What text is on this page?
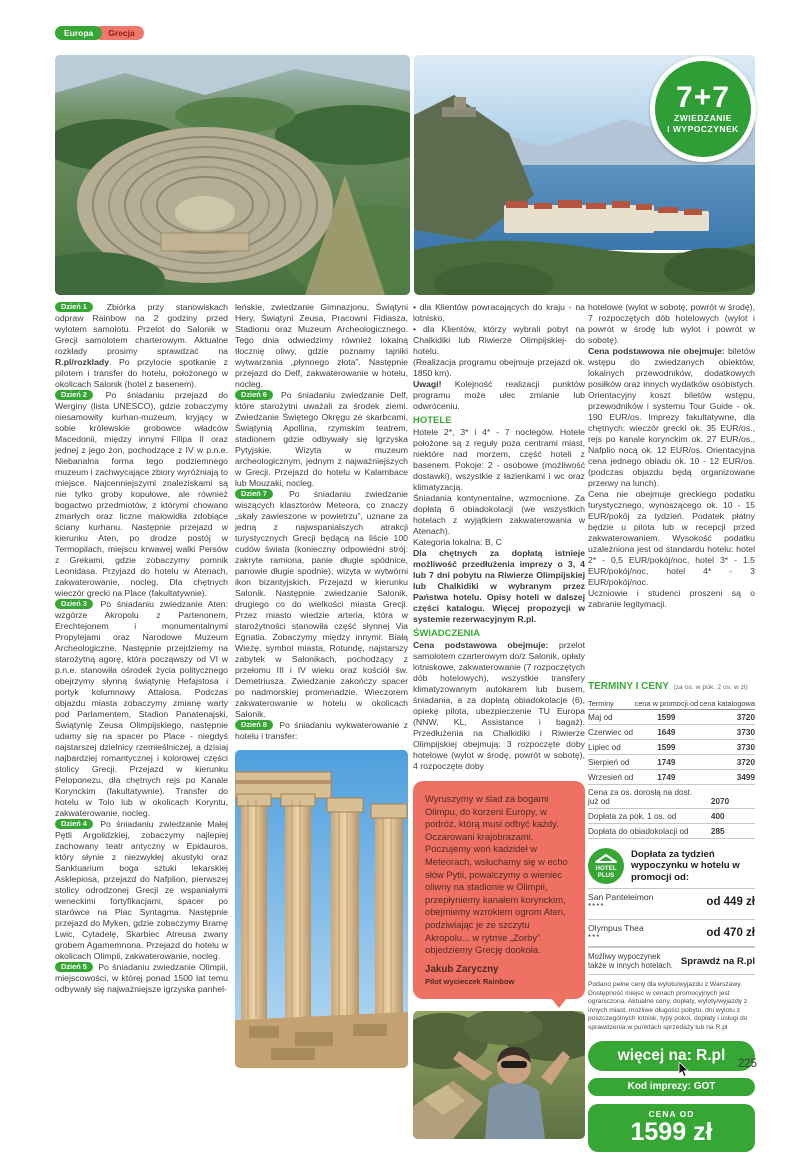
Europa	Grecja
7+7
ZWIEDZANIE
I WYPOCZYNEK

Dzień 1 Zbiórka przy stanowiskach odpraw Rainbow na 2 godziny przed wylotem samolotu. Przelot do Salonik w Grecji samolotem charterowym. Aktualne rozkłady prosimy sprawdzać na R.pl/rozklady. Po przylocie spotkanie z pilotem i transfer do hotelu, położonego w okolicach Salonik (hotel z basenem).

Dzień 2 Po śniadaniu przejazd do Werginy (lista UNESCO), gdzie zobaczymy niesamowity kurhan-muzeum, kryjący w sobie królewskie grobowce władców Macedonii, między innymi Filipa II oraz jednej z jego żon, pochodzące z IV w p.n.e. Niebanalna forma tego podziemnego muzeum i zachwycające zbiory wyróżniają to miejsce. Najcenniejszymi znaleziskami są nie tylko groby kopułowe, ale również bogactwo przedmiotów, z którymi chowano zmarłych oraz liczne malowidła zdobiące ściany kurhanu. Następnie przejazd w kierunku Aten, po drodze postój w Termopilach, miejscu krwawej walki Persów z Grekami, gdzie zobaczymy pomnik Leonidasa. Przyjazd do hotelu w Atenach, zakwaterowanie, nocleg. Dla chętnych wieczór grecki na Place (fakultatywnie).

Dzień 3 Po śniadaniu zwiedzanie Aten: wzgórze Akropolu z Partenonem, Erechtejonem i monumentalnymi Propylejami oraz Narodowe Muzeum Archeologiczne. Następnie przejdziemy na starożytną agorę, która począwszy od VI w p.n.e. stanowiła ośrodek życia politycznego obejrzymy słynną świątynię Hefajstosa i portyk kolumnowy Attalosa. Podczas objazdu miasta zobaczymy zmianę warty pod Parlamentem, Stadion Panatenajski, Świątynię Zeusa Olimpijskiego, następnie udamy się na spacer po Place - niegdyś najstarszej dzielnicy rzemieślniczej, a dzisiaj najbardziej romantycznej i kolorowej części stolicy Grecji. Przejazd w kierunku Peloponezu, dla chętnych rejs po Kanale Korynckim (fakultatywnie). Transfer do hotelu w Tolo lub w okolicach Koryntu, zakwaterowanie, nocleg.

Dzień 4 Po śniadaniu zwiedzanie Małej Pętli Argolidzkiej, zobaczymy najlepiej zachowany teatr antyczny w Epidauros, który słynie z niezwykłej akustyki oraz Sanktuarium boga sztuki lekarskiej Asklepiosa, przejazd do Nafplion, pierwszej stolicy odrodzonej Grecji ze wspaniałymi weneckimi fortyfikacjami, spacer po starówce na Plac Syntagma. Następnie przejazd do Myken, gdzie zobaczymy Bramę Lwic, Cytadelę, Skarbiec Atreusa zwany grobem Agamemnona. Przejazd do hotelu w okolicach Olimpii, zakwaterowanie, nocleg.

Dzień 5 Po śniadaniu zwiedzanie Olimpii, miejscowości, w której ponad 1500 lat temu odbywały się najważniejsze igrzyska panhel-

leńskie, zwiedzanie Gimnazjonu, Świątyni Hery, Świątyni Zeusa, Pracowni Fidiasza, Stadionu oraz Muzeum Archeologicznego. Tego dnia odwiedzimy również lokalną tłocznię oliwy, gdzie poznamy tajniki wytwarzania „płynnego złota”. Następnie przejazd do Delf, zakwaterowanie w hotelu, nocleg.

Dzień 6 Po śniadaniu zwiedzanie Delf, które starożytni uważali za środek ziemi. Zwiedzanie Świętego Okręgu ze skarbcami, Świątynią Apollina, rzymskim teatrem, stadionem gdzie odbywały się Igrzyska Pytyjskie. Wizyta w muzeum archeologicznym, jednym z najważniejszych w Grecji. Przejazd do hotelu w Kalambace lub Mouzaki, nocleg.

Dzień 7	Po śniadaniu zwiedzanie wiszących klasztorów Meteora, co znaczy „skały zawieszone w powietrzu”, uznane za jedną z najwspanialszych atrakcji turystycznych Grecji będącą na liście 100 cudów świata (konieczny odpowiedni strój: zakryte ramiona, panie długie spódnice, panowie długie spodnie), wizyta w wytwórni ikon bizantyjskich. Przejazd w kierunku Salonik. Następnie zwiedzanie Salonik, drugiego co do wielkości miasta Grecji. Przez miasto wiedzie arteria, która w starożytności stanowiła część słynnej Via Egnatia. Zobaczymy między innymi: Białą Wieżę, symbol miasta, Rotundę, najstarszy zabytek w Salonikach, pochodzący z przełomu III i IV wieku oraz kościół św. Demetriusza. Zwiedzanie zakończy spacer po nadmorskiej promenadzie. Wieczorem zakwaterowanie w hotelu w okolicach Salonik.

Dzień 8 Po śniadaniu wykwaterowanie z hotelu i transfer:

• dla Klientów powracających do kraju - na lotnisko,

• dla Klientów, którzy wybrali pobyt na Chalkidiki lub Riwierze Olimpijskiej- do hotelu.

(Realizacja programu obejmuje przejazd ok. 1850 km).

Uwagi! Kolejność realizacji punktów programu może ulec zmianie lub odwróceniu.

HOTELE

Hotele 2*, 3* i 4* - 7 noclegów. Hotele położone są z reguły poza centrami miast, niektóre nad morzem, część hoteli z basenem. Pokoje: 2 - osobowe (możliwość dostawki), wszystkie z łazienkami i wc oraz klimatyzacją.

Śniadania kontynentalne, wzmocnione. Za dopłatą 6 obiadokolacji (we wszystkich hotelach z wyjątkiem zakwaterowania w Atenach).

Kategoria lokalna: B, C

Dla chętnych za dopłatą istnieje możliwość przedłużenia imprezy o 3, 4 lub 7 dni pobytu na Riwierze Olimpijskiej lub Chalkidiki w wybranym przez Państwa hotelu. Opisy hoteli w dalszej części katalogu. Więcej propozycji w systemie rezerwacyjnym R.pl.

ŚWIADCZENIA

Cena podstawowa obejmuje: przelot samolotem czarterowym do/z Salonik, opłaty lotniskowe, zakwaterowanie (7 rozpoczętych dób hotelowych), wszystkie transfery klimatyzowanym autokarem lub busem, śniadania, a za dopłatą obiadokolacje (6), opiekę pilota, ubezpieczenie TU Europa (NNW, KL, Assistance i bagaż). Przedłużenia na Chalkidiki i Riwierze Olimpijskiej obejmują: 3 rozpoczęte doby hotelowe (wylot w środę, powrót w sobotę), 4 rozpoczęte doby

Wyruszymy w ślad za bogami Olimpu, do korzeni Europy, w podróż, którą musi odbyć każdy. Oczarowani krajobrazami. Poczujemy woń kadzideł w Meteorach, wsłuchamy się w echo słów Pytii, powalczymy o wieniec oliwny na stadionie w Olimpii, przepłyniemy kanałem korynckim, obejmiemy wzrokiem ogrom Aten, podziwiając je ze szczytu Akropolu... w rytmie „Zorby” objedziemy Grecję dookoła.
Jakub Zaryczny
Pilot wycieczek Rainbow

hotelowe (wylot w sobotę, powrót w środę), 7 rozpoczętych dób hotelowych (wylot i powrót w środę lub wylot i powrót w sobotę).

Cena podstawowa nie obejmuje: biletów wstępu do zwiedzanych obiektów, lokalnych przewodników, dodatkowych posiłków oraz innych wydatków osobistych. Orientacyjny koszt biletów wstępu, przewodników i systemu Tour Guide - ok. 190 EUR/os. Imprezy fakultatywne, dla chętnych: wieczór grecki ok. 35 EUR/os., rejs po kanale korynckim ok. 27 EUR/os., Nafplio nocą ok. 12 EUR/os. Orientacyjna cena jednego obiadu ok. 10 - 12 EUR/os. (podczas objazdu będą organizowane przerwy na lunch).

Cena nie obejmuje greckiego podatku turystycznego, wynoszącego ok. 10 - 15 EUR/pokój za tydzień. Podatek płatny będzie u pilota lub w recepcji przed zakwaterowaniem. Wysokość podatku uzależniona jest od standardu hotelu: hotel 2* - 0,5 EUR/pokój/noc, hotel 3* - 1.5 EUR/pokój/noc, hotel 4* - 3 EUR/pokój/noc.

Uczniowie i studenci proszeni są o zabranie legitymacji.

TERMINY I CENY (za os. w pok. 2 os. w zł)
Terminy	cena w promocji od	cena katalogowa
Maj od	1599	3720
Czerwiec od	1649	3730
Lipiec od	1599	3730
Sierpień od	1749	3720
Wrzesień od	1749	3499
Cena za os. dorosłą na dost. już od	2070
Dopłata za pok. 1 os. od	400
Dopłata do obiadokolacji od	285
HOTEL
PLUS
Dopłata za tydzień wypoczynku w hotelu w promocji od:
San Panteleimon
****	od 449 zł
Olympus Thea
***	od 470 zł
Możliwy wypoczynek także w innych hotelach. Sprawdź na R.pl

Podano pełne ceny dla wylotu/wyjazdu z Warszawy. Dostępność miejsc w cenach promocyjnych jest ograniczona. Aktualne ceny, dopłaty, wyloty/wyjazdy z innych miast, możliwe długości pobytu, dni wylotu z poszczególnych lotnisk, typy pokoi, dopłaty i usługi do sprawdzenia w punktach sprzedaży lub na R.pl

więcej na: R.pl
Kod imprezy: GOT
CENA OD
1599 zł
225
